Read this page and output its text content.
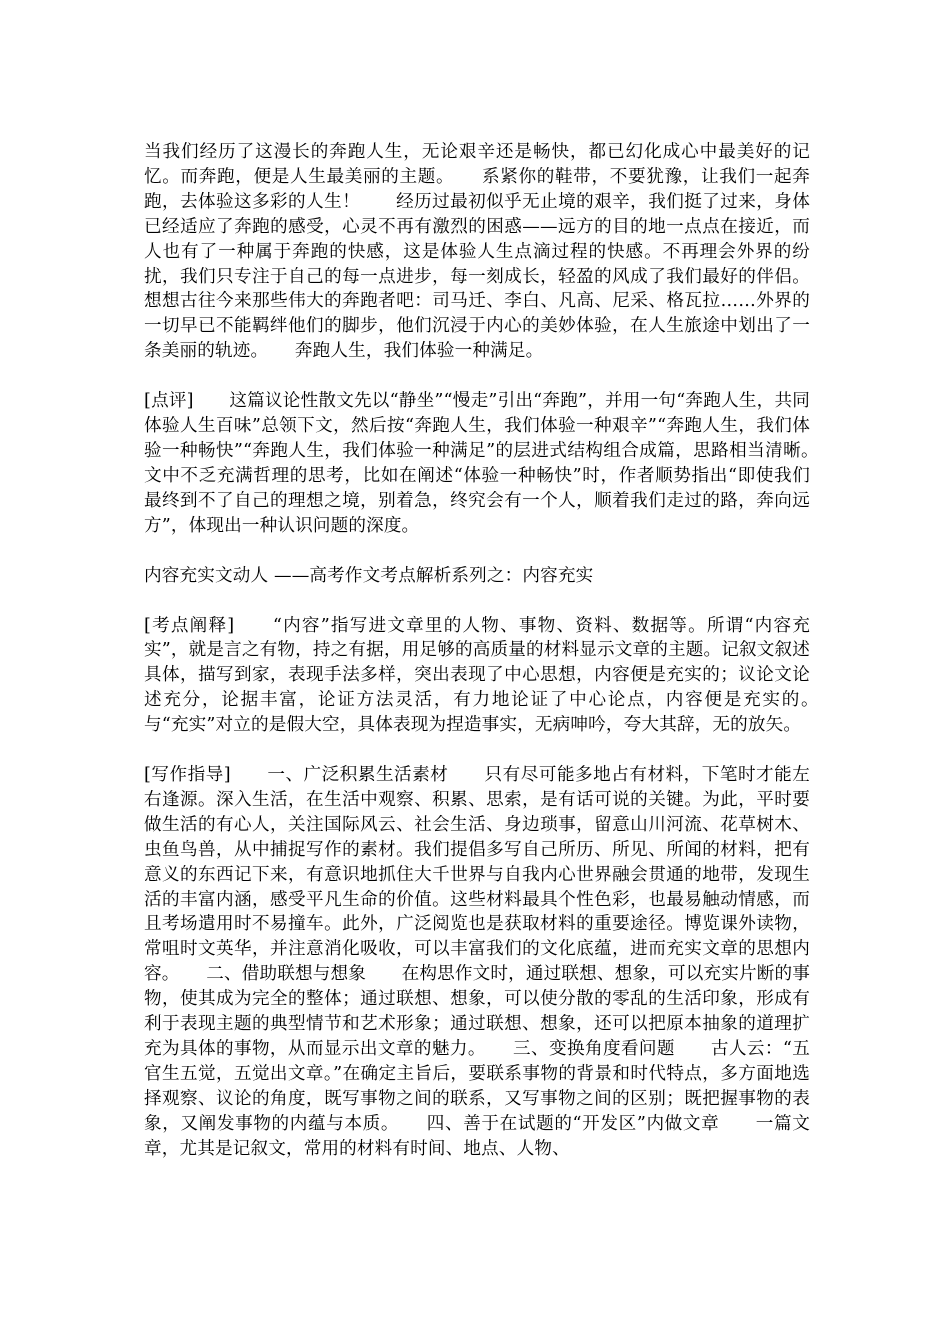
当我们经历了这漫长的奔跑人生，无论艰辛还是畅快，都已幻化成心中最美好的记忆。而奔跑，便是人生最美丽的主题。　　系紧你的鞋带，不要犹豫，让我们一起奔跑，去体验这多彩的人生！　　经历过最初似乎无止境的艰辛，我们挺了过来，身体已经适应了奔跑的感受，心灵不再有激烈的困惑——远方的目的地一点点在接近，而人也有了一种属于奔跑的快感，这是体验人生点滴过程的快感。不再理会外界的纷扰，我们只专注于自己的每一点进步，每一刻成长，轻盈的风成了我们最好的伴侣。想想古往今来那些伟大的奔跑者吧：司马迁、李白、凡高、尼采、格瓦拉……外界的一切早已不能羁绊他们的脚步，他们沉浸于内心的美妙体验，在人生旅途中划出了一条美丽的轨迹。　　奔跑人生，我们体验一种满足。

[点评]　　这篇议论性散文先以“静坐”“慢走”引出“奔跑”，并用一句“奔跑人生，共同体验人生百味”总领下文，然后按“奔跑人生，我们体验一种艰辛”“奔跑人生，我们体验一种畅快”“奔跑人生，我们体验一种满足”的层进式结构组合成篇，思路相当清晰。　　文中不乏充满哲理的思考，比如在阐述“体验一种畅快”时，作者顺势指出“即使我们最终到不了自己的理想之境，别着急，终究会有一个人，顺着我们走过的路，奔向远方”，体现出一种认识问题的深度。

内容充实文动人 ——高考作文考点解析系列之：内容充实

[考点阐释]　　“内容”指写进文章里的人物、事物、资料、数据等。所谓“内容充实”，就是言之有物，持之有据，用足够的高质量的材料显示文章的主题。记叙文叙述具体，描写到家，表现手法多样，突出表现了中心思想，内容便是充实的；议论文论述充分，论据丰富，论证方法灵活，有力地论证了中心论点，内容便是充实的。　　与“充实”对立的是假大空，具体表现为捏造事实，无病呻吟，夸大其辞，无的放矢。

[写作指导]　　一、广泛积累生活素材　　只有尽可能多地占有材料，下笔时才能左右逢源。深入生活，在生活中观察、积累、思索，是有话可说的关键。为此，平时要做生活的有心人，关注国际风云、社会生活、身边琐事，留意山川河流、花草树木、虫鱼鸟兽，从中捕捉写作的素材。我们提倡多写自己所历、所见、所闻的材料，把有意义的东西记下来，有意识地抓住大千世界与自我内心世界融会贯通的地带，发现生活的丰富内涵，感受平凡生命的价值。这些材料最具个性色彩，也最易触动情感，而且考场遣用时不易撞车。此外，广泛阅览也是获取材料的重要途径。博览课外读物，常咀时文英华，并注意消化吸收，可以丰富我们的文化底蕴，进而充实文章的思想内容。　　二、借助联想与想象　　在构思作文时，通过联想、想象，可以充实片断的事物，使其成为完全的整体；通过联想、想象，可以使分散的零乱的生活印象，形成有利于表现主题的典型情节和艺术形象；通过联想、想象，还可以把原本抽象的道理扩充为具体的事物，从而显示出文章的魅力。　　三、变换角度看问题　　古人云：“五官生五觉，五觉出文章。”在确定主旨后，要联系事物的背景和时代特点，多方面地选择观察、议论的角度，既写事物之间的联系，又写事物之间的区别；既把握事物的表象，又阐发事物的内蕴与本质。　　四、善于在试题的“开发区”内做文章　　一篇文章，尤其是记叙文，常用的材料有时间、地点、人物、
